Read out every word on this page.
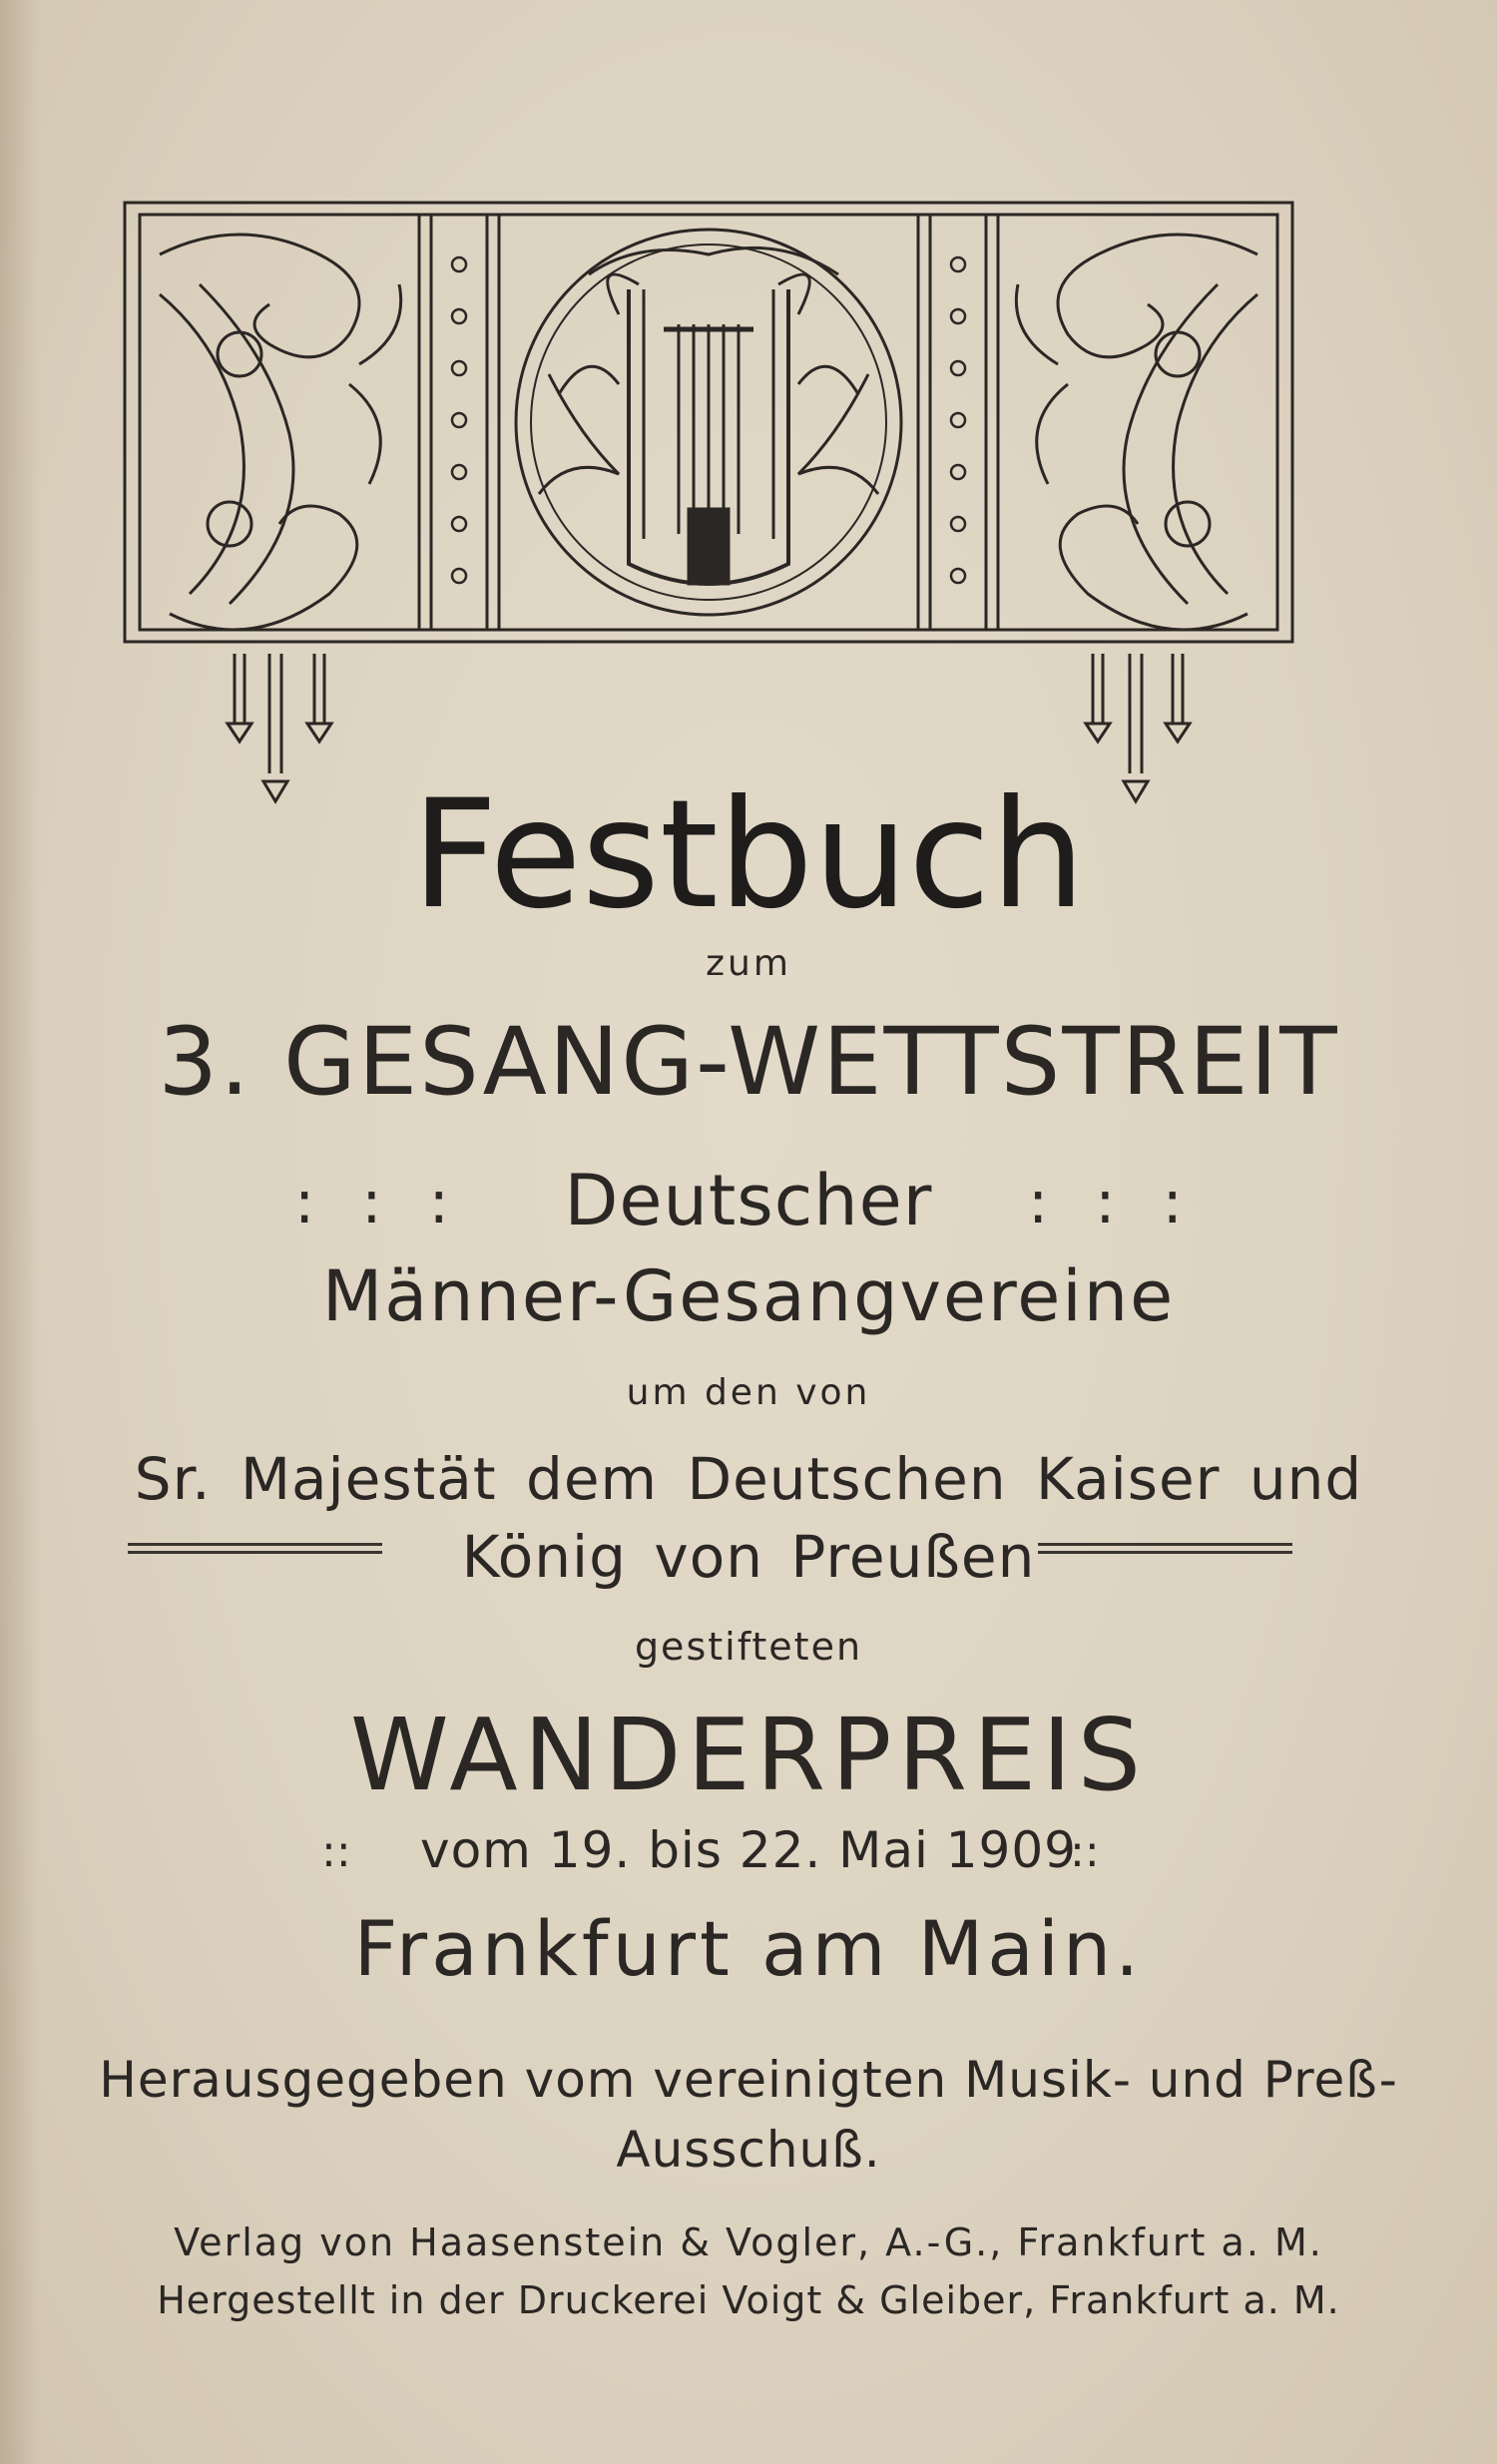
Festbuch
zum
3. GESANG-WETTSTREIT
: : :	Deutscher	: : :
Männer-Gesangvereine
um den von
Sr. Majestät dem Deutschen Kaiser und
König von Preußen
gestifteten
WANDERPREIS
::	vom 19. bis 22. Mai 1909
::
Frankfurt am Main.
Herausgegeben vom vereinigten Musik- und Preß-
Ausschuß.
Verlag von Haasenstein & Vogler, A.-G., Frankfurt a. M.
Hergestellt in der Druckerei Voigt & Gleiber, Frankfurt a. M.
